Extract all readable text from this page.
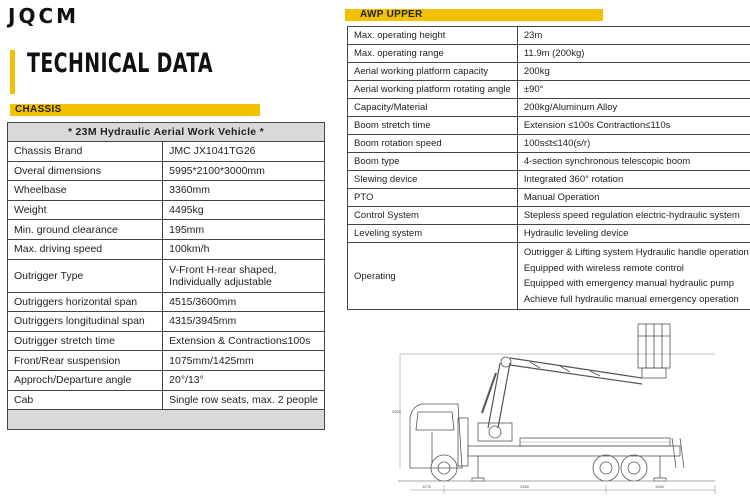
JQCM
TECHNICAL DATA
CHASSIS
* 23M Hydraulic Aerial Work Vehicle *	
Chassis Brand	JMC JX1041TG26
Overal dimensions	5995*2100*3000mm
Wheelbase	3360mm
Weight	4495kg
Min. ground clearance	195mm
Max. driving speed	100km/h
Outrigger Type	V-Front H-rear shaped, Individually adjustable
Outriggers horizontal span	4515/3600mm
Outriggers longitudinal span	4315/3945mm
Outrigger stretch time	Extension & Contraction≤100s
Front/Rear suspension	1075mm/1425mm
Approch/Departure angle	20°/13°
Cab	Single row seats, max. 2 people

AWP UPPER
Max. operating height	23m
Max. operating range	11.9m (200kg)
Aerial working platform capacity	200kg
Aerial working platform rotating angle	±90°
Capacity/Material	200kg/Aluminum Alloy
Boom stretch time	Extension ≤100s Contraction≤110s
Boom rotation speed	100s≤t≤140(s/r)
Boom type	4-section synchronous telescopic boom
Slewing device	Integrated 360° rotation
PTO	Manual Operation
Control System	Stepless speed regulation electric-hydraulic system
Leveling system	Hydraulic leveling device
Operating	Outrigger & Lifting system Hydraulic handle operation
Equipped with wireless remote control
Equipped with emergency manual hydraulic pump
Achieve full hydraulic manual emergency operation
1075	3360	1560
3000
